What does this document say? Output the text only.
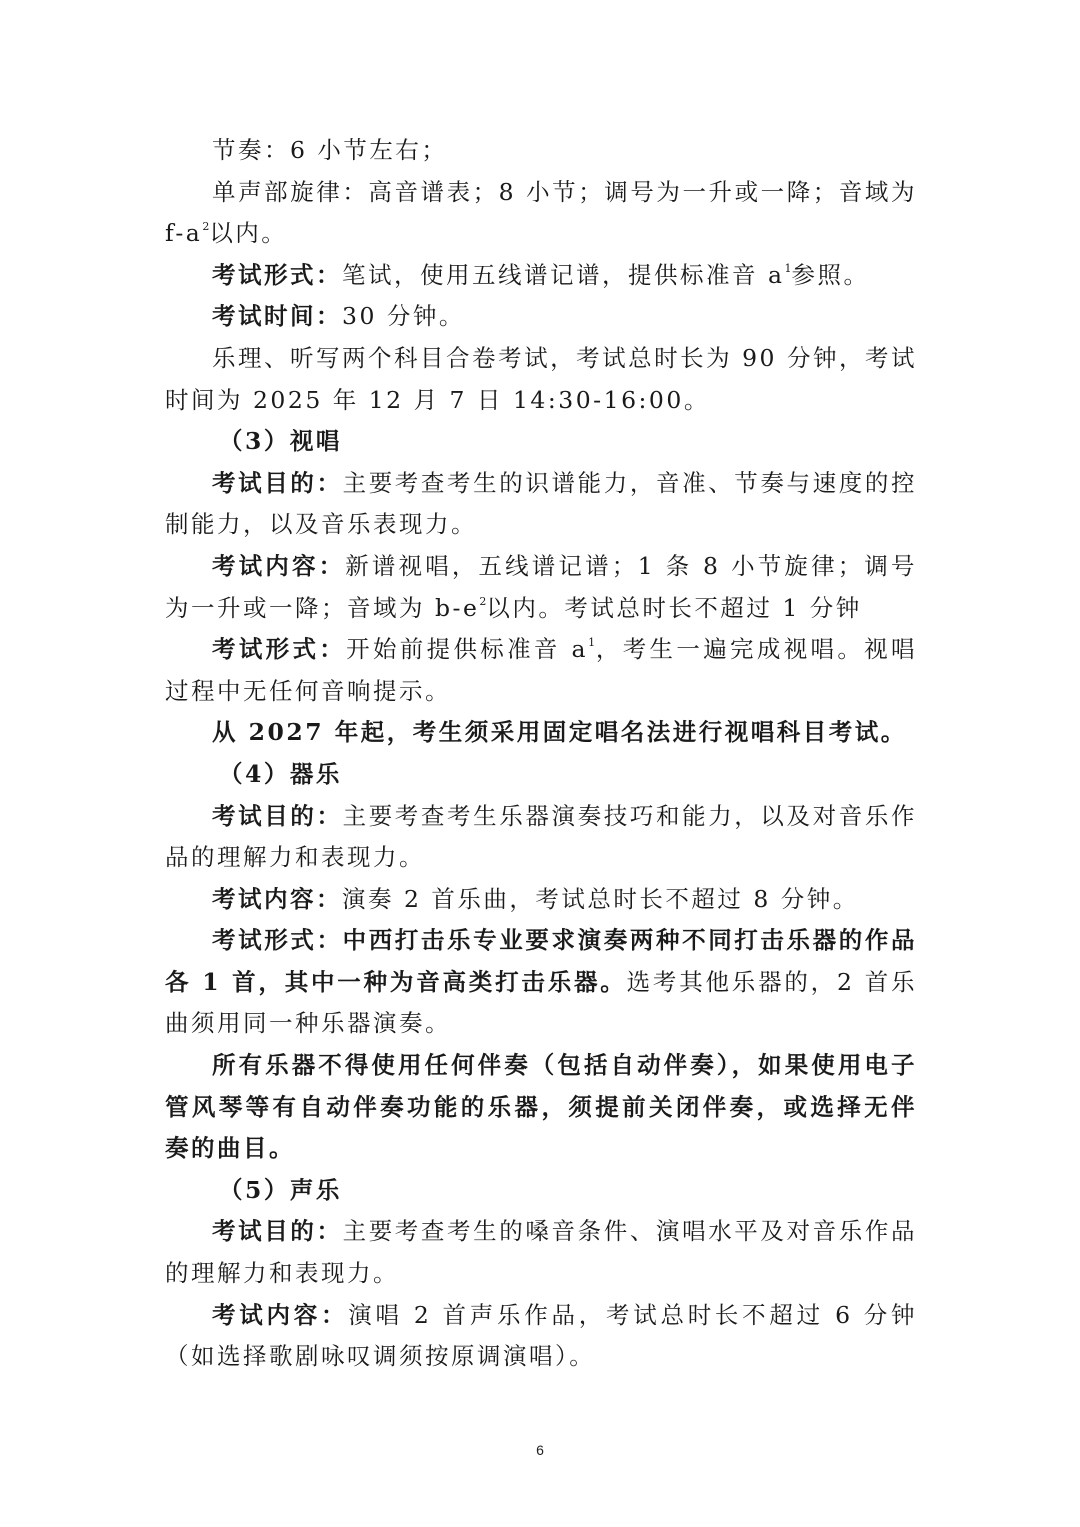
节奏：6 小节左右；

单声部旋律：高音谱表；8 小节；调号为一升或一降；音域为 $f-a^2$以内。

考试形式：笔试，使用五线谱记谱，提供标准音 $a^1$参照。

考试时间：30 分钟。

乐理、听写两个科目合卷考试，考试总时长为 90 分钟，考试时间为 2025 年 12 月 7 日 14:30-16:00。

（3）视唱

考试目的：主要考查考生的识谱能力，音准、节奏与速度的控制能力，以及音乐表现力。

考试内容：新谱视唱，五线谱记谱；1 条 8 小节旋律；调号为一升或一降；音域为 $b-e^2$以内。考试总时长不超过 1 分钟

考试形式：开始前提供标准音 $a^1$，考生一遍完成视唱。视唱过程中无任何音响提示。

从 2027 年起，考生须采用固定唱名法进行视唱科目考试。

（4）器乐

考试目的：主要考查考生乐器演奏技巧和能力，以及对音乐作品的理解力和表现力。

考试内容：演奏 2 首乐曲，考试总时长不超过 8 分钟。

考试形式：中西打击乐专业要求演奏两种不同打击乐器的作品各 1 首，其中一种为音高类打击乐器。选考其他乐器的，2 首乐曲须用同一种乐器演奏。

所有乐器不得使用任何伴奏（包括自动伴奏），如果使用电子管风琴等有自动伴奏功能的乐器，须提前关闭伴奏，或选择无伴奏的曲目。

（5）声乐

考试目的：主要考查考生的嗓音条件、演唱水平及对音乐作品的理解力和表现力。

考试内容：演唱 2 首声乐作品，考试总时长不超过 6 分钟（如选择歌剧咏叹调须按原调演唱）。

6
